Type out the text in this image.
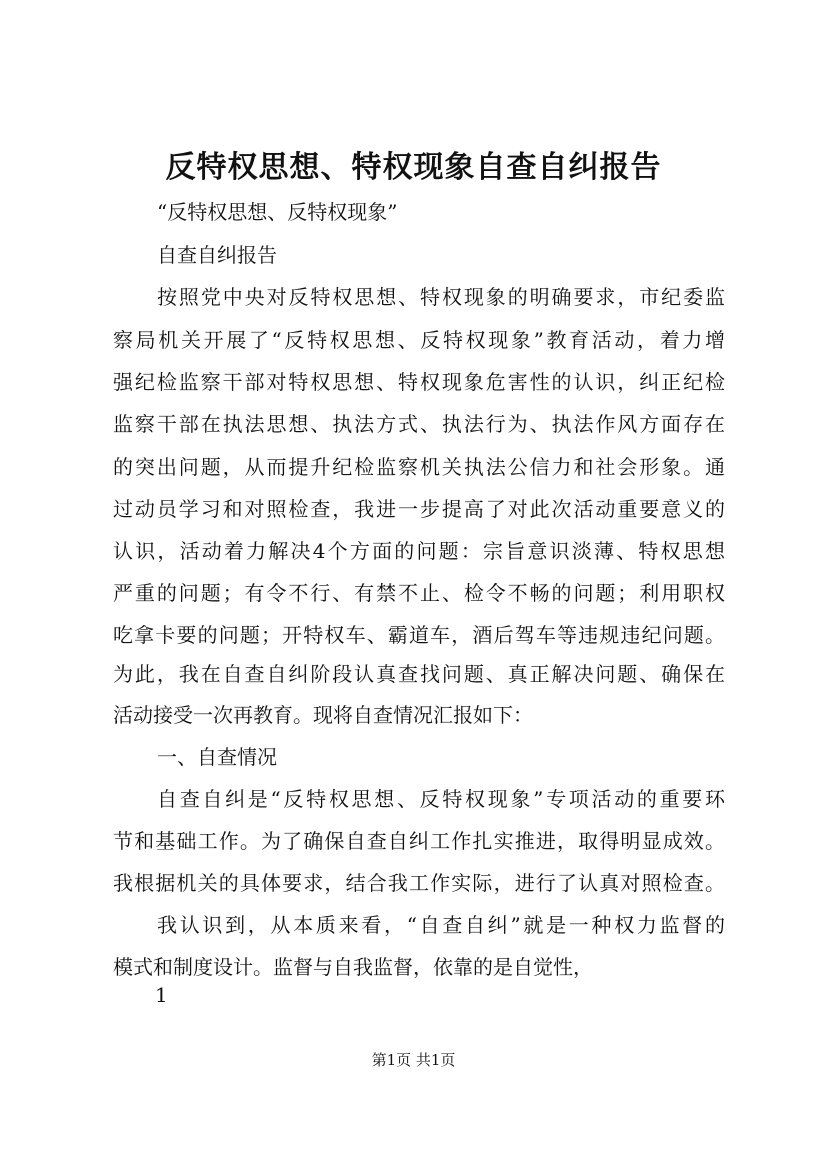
反特权思想、特权现象自查自纠报告
“反特权思想、反特权现象”
自查自纠报告
按照党中央对反特权思想、特权现象的明确要求，市纪委监
察局机关开展了“反特权思想、反特权现象”教育活动，着力增
强纪检监察干部对特权思想、特权现象危害性的认识，纠正纪检
监察干部在执法思想、执法方式、执法行为、执法作风方面存在
的突出问题，从而提升纪检监察机关执法公信力和社会形象。通
过动员学习和对照检查，我进一步提高了对此次活动重要意义的
认识，活动着力解决4个方面的问题：宗旨意识淡薄、特权思想
严重的问题；有令不行、有禁不止、检令不畅的问题；利用职权
吃拿卡要的问题；开特权车、霸道车，酒后驾车等违规违纪问题。
为此，我在自查自纠阶段认真查找问题、真正解决问题、确保在
活动接受一次再教育。现将自查情况汇报如下：
一、自查情况
自查自纠是“反特权思想、反特权现象”专项活动的重要环
节和基础工作。为了确保自查自纠工作扎实推进，取得明显成效。
我根据机关的具体要求，结合我工作实际，进行了认真对照检查。
我认识到，从本质来看，“自查自纠”就是一种权力监督的
模式和制度设计。监督与自我监督，依靠的是自觉性，
1
第1页 共1页
